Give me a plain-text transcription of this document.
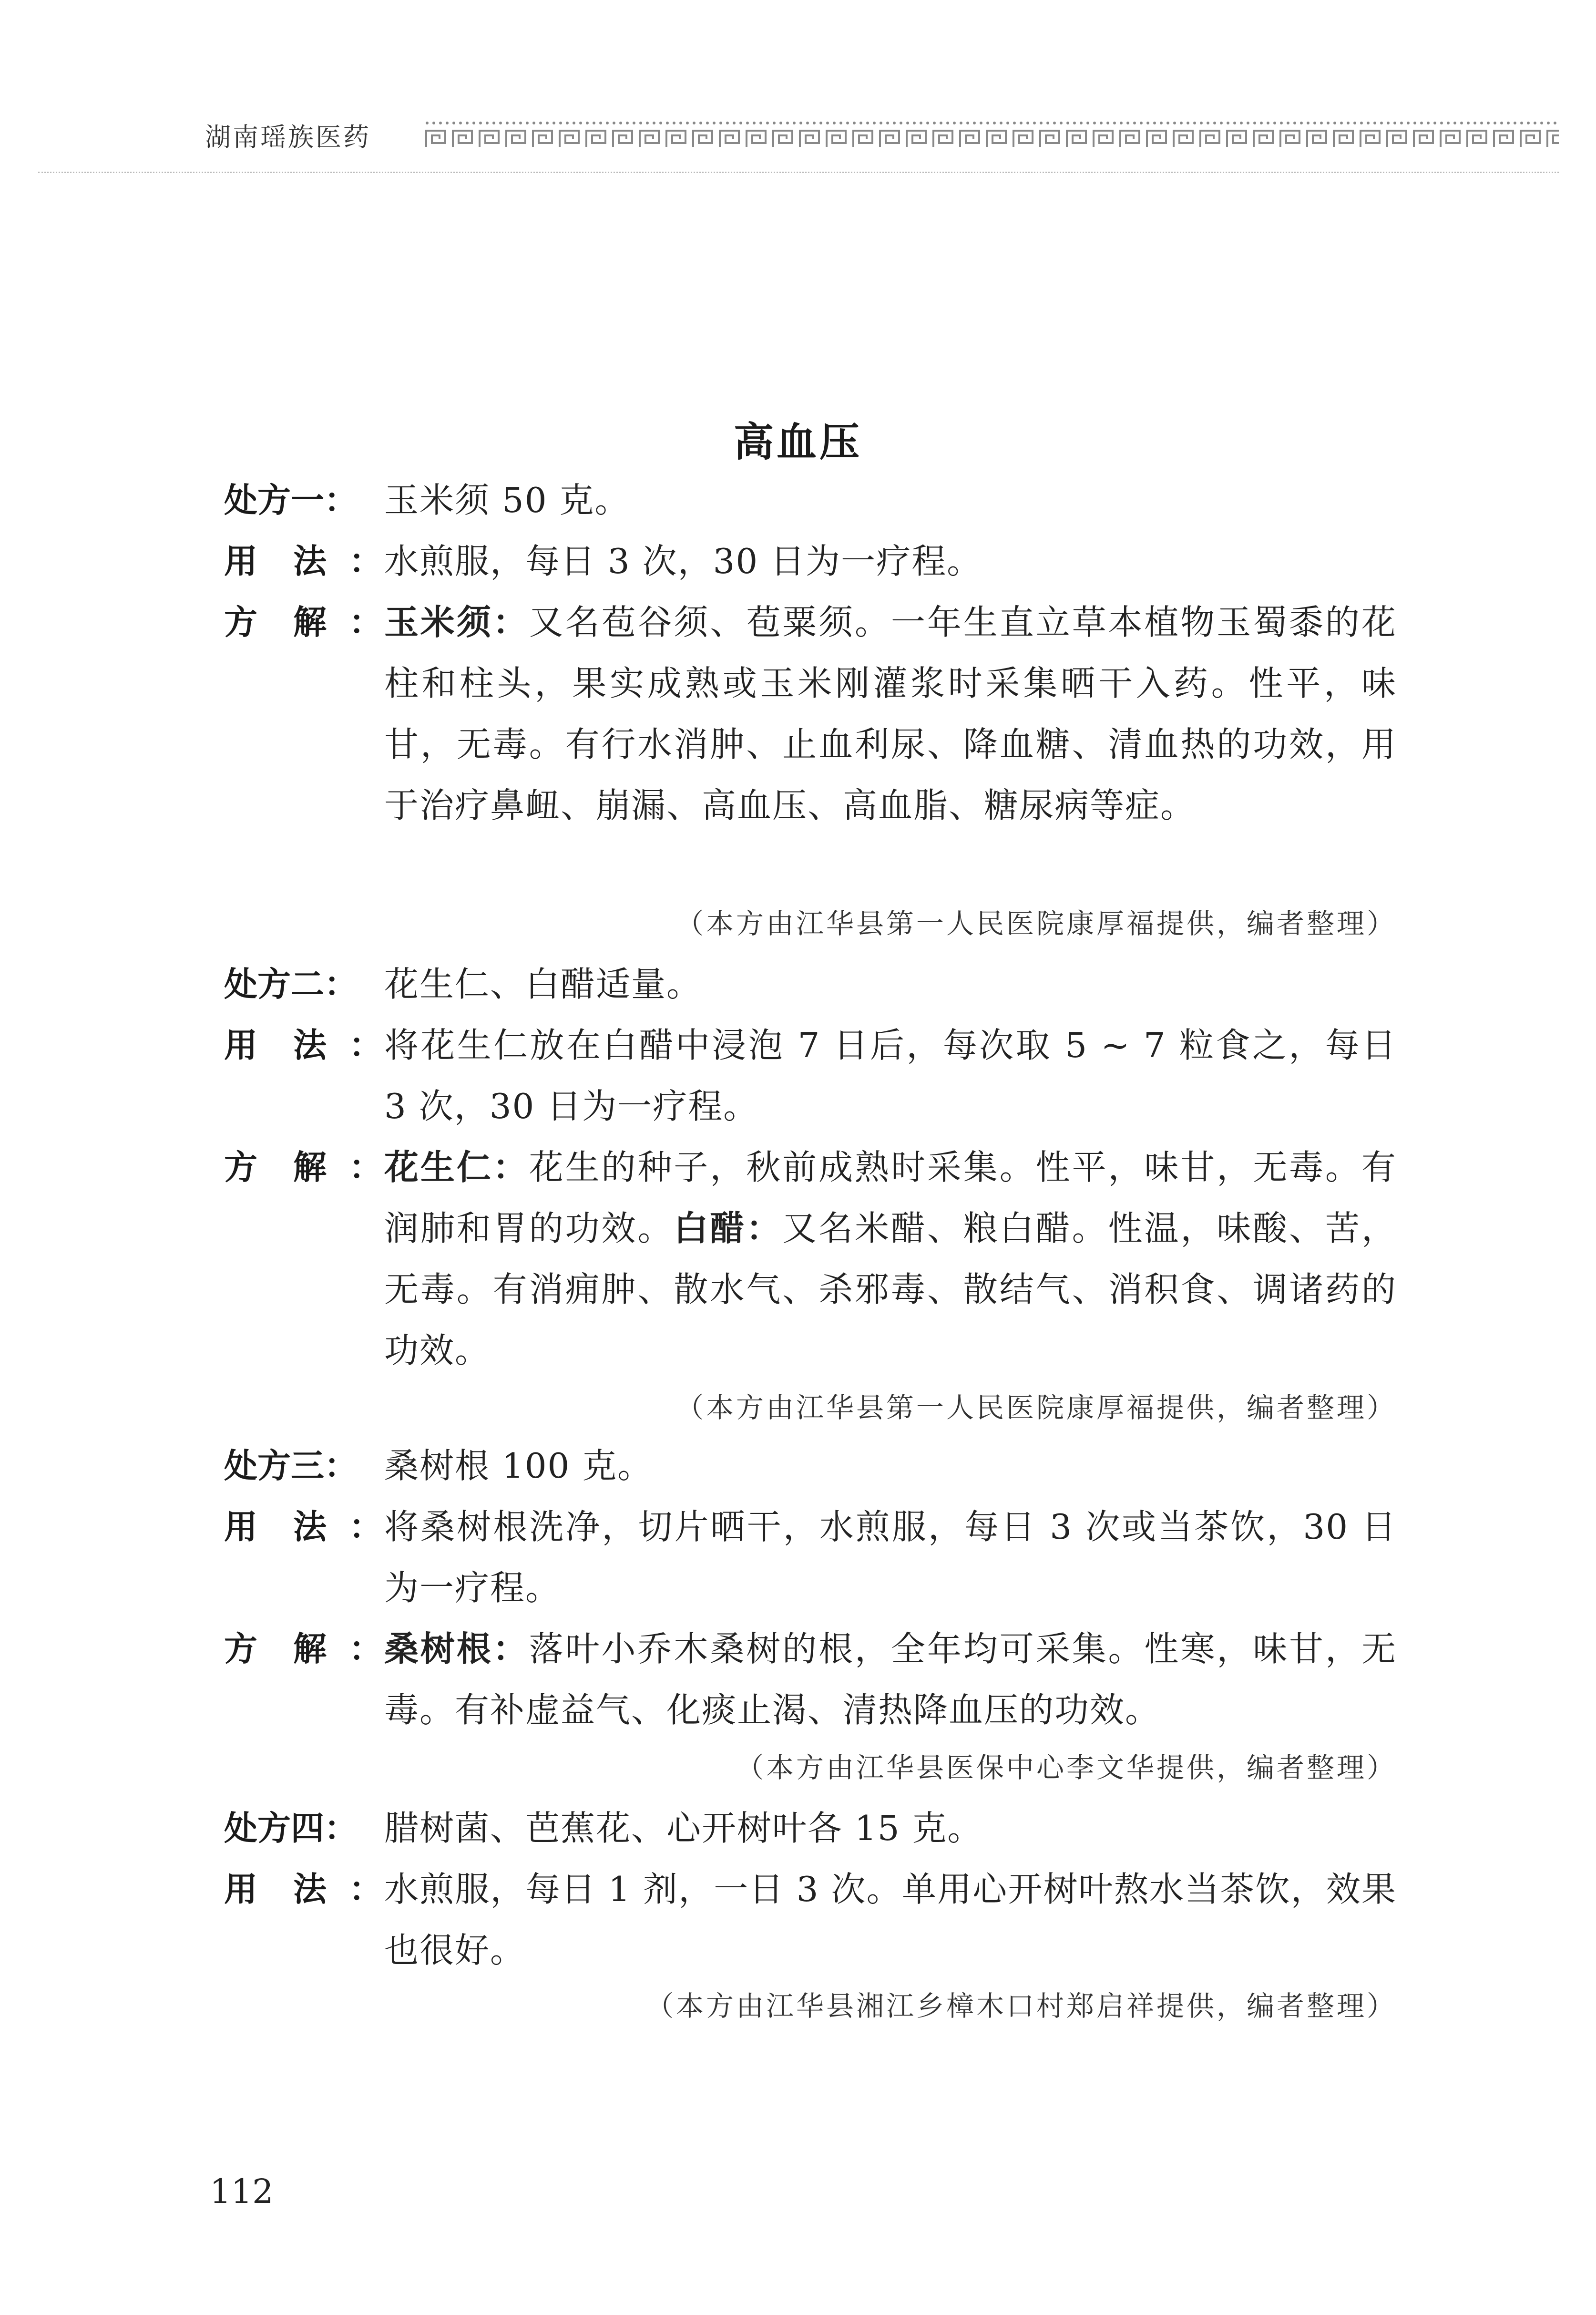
湖南瑶族医药
高血压
处方一： 玉米须 50 克。
用 法 ： 水煎服，每日 3 次，30 日为一疗程。
方 解 ： 玉米须：又名苞谷须、苞粟须。一年生直立草本植物玉蜀黍的花柱和柱头，果实成熟或玉米刚灌浆时采集晒干入药。性平，味甘，无毒。有行水消肿、止血利尿、降血糖、清血热的功效，用于治疗鼻衄、崩漏、高血压、高血脂、糖尿病等症。
（本方由江华县第一人民医院康厚福提供，编者整理）
处方二： 花生仁、白醋适量。
用 法 ： 将花生仁放在白醋中浸泡 7 日后，每次取 5 ~ 7 粒食之，每日 3 次，30 日为一疗程。
方 解 ： 花生仁：花生的种子，秋前成熟时采集。性平，味甘，无毒。有润肺和胃的功效。白醋：又名米醋、粮白醋。性温，味酸、苦，无毒。有消痈肿、散水气、杀邪毒、散结气、消积食、调诸药的功效。
（本方由江华县第一人民医院康厚福提供，编者整理）
处方三： 桑树根 100 克。
用 法 ： 将桑树根洗净，切片晒干，水煎服，每日 3 次或当茶饮，30 日为一疗程。
方 解 ： 桑树根：落叶小乔木桑树的根，全年均可采集。性寒，味甘，无毒。有补虚益气、化痰止渴、清热降血压的功效。
（本方由江华县医保中心李文华提供，编者整理）
处方四： 腊树菌、芭蕉花、心开树叶各 15 克。
用 法 ： 水煎服，每日 1 剂，一日 3 次。单用心开树叶熬水当茶饮，效果也很好。
（本方由江华县湘江乡樟木口村郑启祥提供，编者整理）
112
